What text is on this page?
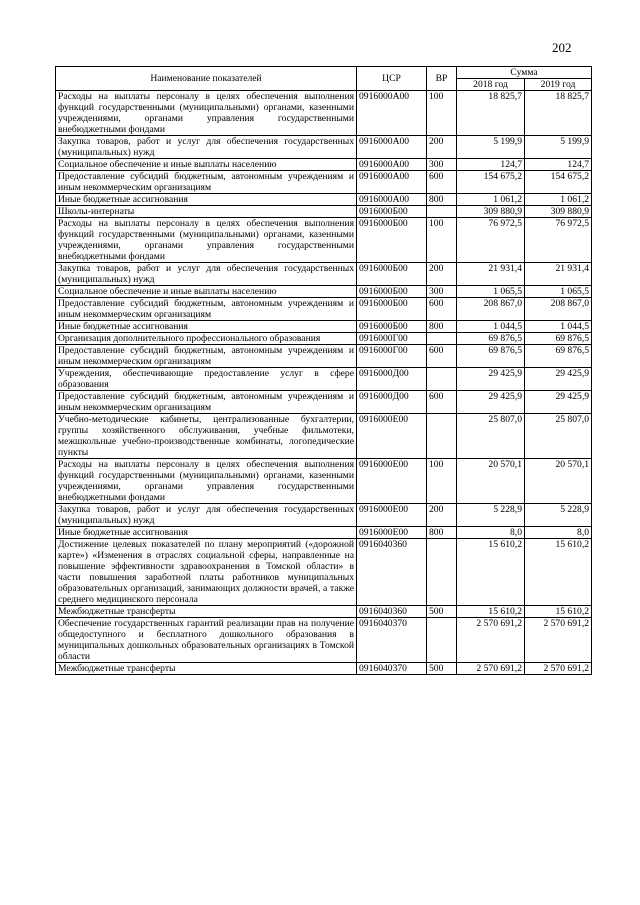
202
Наименование показателей	ЦСР	ВР	Сумма	
			2018 год	2019 год
Расходы на выплаты персоналу в целях обеспечения выполнения функций государственными (муниципальными) органами, казенными учреждениями, органами управления государственными внебюджетными фондами	0916000А00	100	18 825,7	18 825,7
Закупка товаров, работ и услуг для обеспечения государственных (муниципальных) нужд	0916000А00	200	5 199,9	5 199,9
Социальное обеспечение и иные выплаты населению	0916000А00	300	124,7	124,7
Предоставление субсидий бюджетным, автономным учреждениям и иным некоммерческим организациям	0916000А00	600	154 675,2	154 675,2
Иные бюджетные ассигнования	0916000А00	800	1 061,2	1 061,2
Школы-интернаты	0916000Б00		309 880,9	309 880,9
Расходы на выплаты персоналу в целях обеспечения выполнения функций государственными (муниципальными) органами, казенными учреждениями, органами управления государственными внебюджетными фондами	0916000Б00	100	76 972,5	76 972,5
Закупка товаров, работ и услуг для обеспечения государственных (муниципальных) нужд	0916000Б00	200	21 931,4	21 931,4
Социальное обеспечение и иные выплаты населению	0916000Б00	300	1 065,5	1 065,5
Предоставление субсидий бюджетным, автономным учреждениям и иным некоммерческим организациям	0916000Б00	600	208 867,0	208 867,0
Иные бюджетные ассигнования	0916000Б00	800	1 044,5	1 044,5
Организация дополнительного профессионального образования	0916000Г00		69 876,5	69 876,5
Предоставление субсидий бюджетным, автономным учреждениям и иным некоммерческим организациям	0916000Г00	600	69 876,5	69 876,5
Учреждения, обеспечивающие предоставление услуг в сфере образования	0916000Д00		29 425,9	29 425,9
Предоставление субсидий бюджетным, автономным учреждениям и иным некоммерческим организациям	0916000Д00	600	29 425,9	29 425,9
Учебно-методические кабинеты, централизованные бухгалтерии, группы хозяйственного обслуживания, учебные фильмотеки, межшкольные учебно-производственные комбинаты, логопедические пункты	0916000Е00		25 807,0	25 807,0
Расходы на выплаты персоналу в целях обеспечения выполнения функций государственными (муниципальными) органами, казенными учреждениями, органами управления государственными внебюджетными фондами	0916000Е00	100	20 570,1	20 570,1
Закупка товаров, работ и услуг для обеспечения государственных (муниципальных) нужд	0916000Е00	200	5 228,9	5 228,9
Иные бюджетные ассигнования	0916000Е00	800	8,0	8,0
Достижение целевых показателей по плану мероприятий («дорожной карте») «Изменения в отраслях социальной сферы, направленные на повышение эффективности здравоохранения в Томской области» в части повышения заработной платы работников муниципальных образовательных организаций, занимающих должности врачей, а также среднего медицинского персонала	0916040360		15 610,2	15 610,2
Межбюджетные трансферты	0916040360	500	15 610,2	15 610,2
Обеспечение государственных гарантий реализации прав на получение общедоступного и бесплатного дошкольного образования в муниципальных дошкольных образовательных организациях в Томской области	0916040370		2 570 691,2	2 570 691,2
Межбюджетные трансферты	0916040370	500	2 570 691,2	2 570 691,2
